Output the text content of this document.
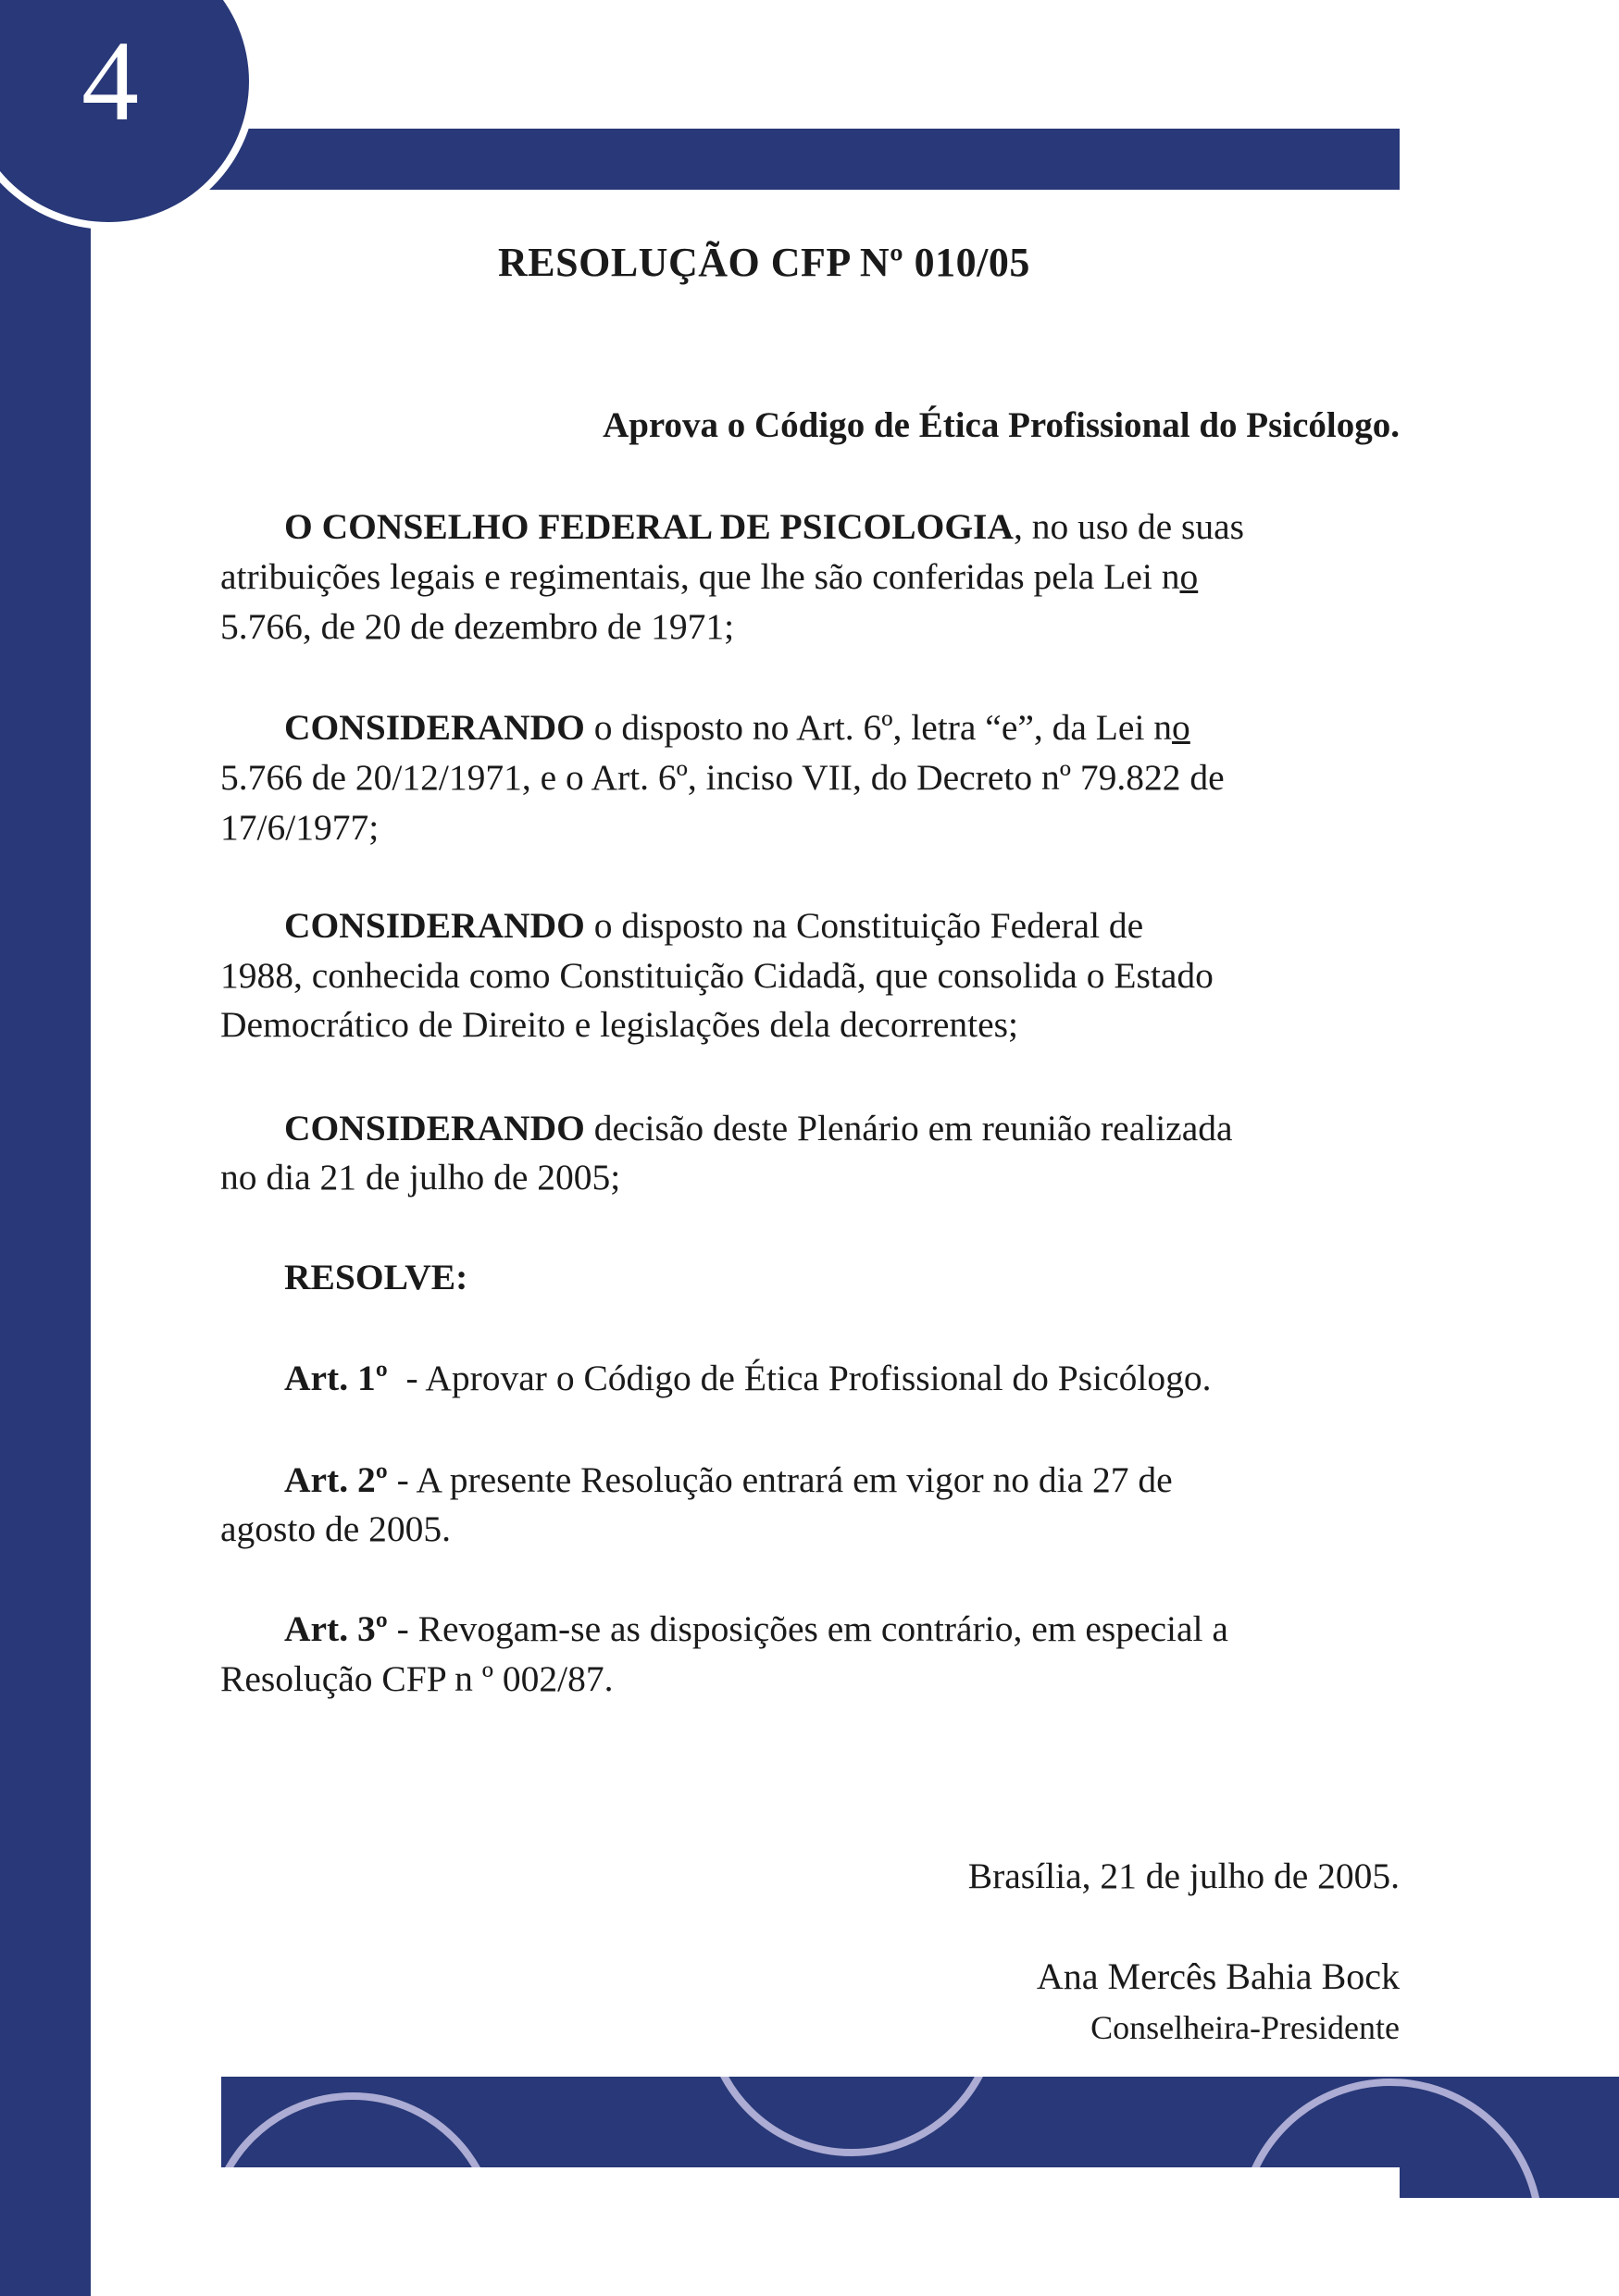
4
RESOLUÇÃO CFP Nº 010/05
Aprova o Código de Ética Profissional do Psicólogo.
O CONSELHO FEDERAL DE PSICOLOGIA, no uso de suas
atribuições legais e regimentais, que lhe são conferidas pela Lei no
5.766, de 20 de dezembro de 1971;
CONSIDERANDO o disposto no Art. 6º, letra “e”, da Lei no
5.766 de 20/12/1971, e o Art. 6º, inciso VII, do Decreto nº 79.822 de
17/6/1977;
CONSIDERANDO o disposto na Constituição Federal de
1988, conhecida como Constituição Cidadã, que consolida o Estado
Democrático de Direito e legislações dela decorrentes;
CONSIDERANDO decisão deste Plenário em reunião realizada
no dia 21 de julho de 2005;
RESOLVE:
Art. 1º  - Aprovar o Código de Ética Profissional do Psicólogo.
Art. 2º - A presente Resolução entrará em vigor no dia 27 de
agosto de 2005.
Art. 3º - Revogam-se as disposições em contrário, em especial a
Resolução CFP n º 002/87.
Brasília, 21 de julho de 2005.
Ana Mercês Bahia Bock
Conselheira-Presidente
